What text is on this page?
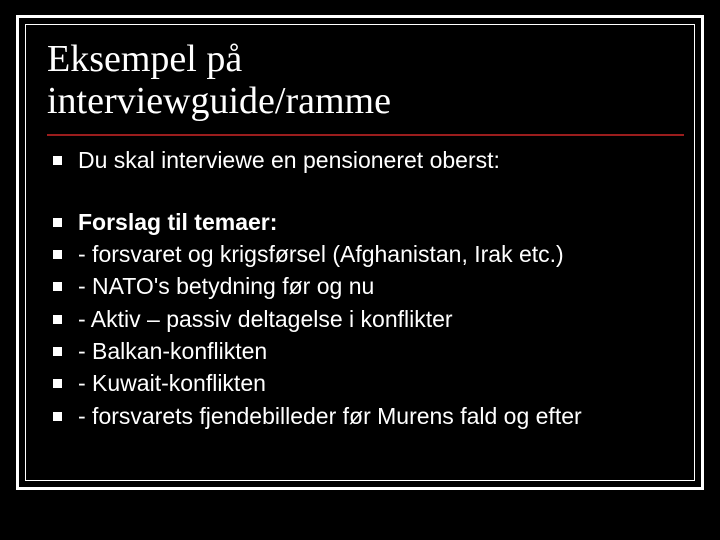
Eksempel på
interviewguide/ramme
Du skal interviewe en pensioneret oberst:
Forslag til temaer:
- forsvaret og krigsførsel (Afghanistan, Irak etc.)
- NATO's betydning før og nu
- Aktiv – passiv deltagelse i konflikter
- Balkan-konflikten
- Kuwait-konflikten
- forsvarets fjendebilleder før Murens fald og efter
